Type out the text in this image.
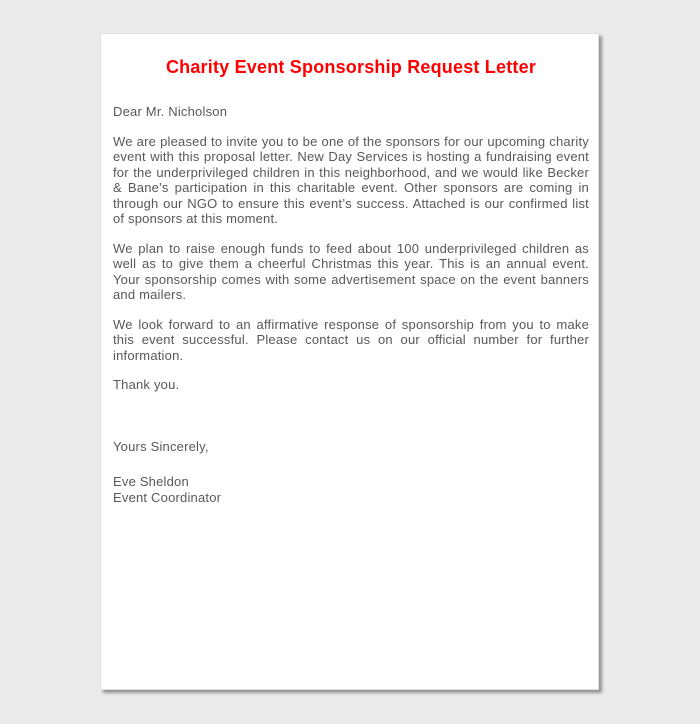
Charity Event Sponsorship Request Letter

Dear Mr. Nicholson

We are pleased to invite you to be one of the sponsors for our upcoming charity event with this proposal letter. New Day Services is hosting a fundraising event for the underprivileged children in this neighborhood, and we would like Becker & Bane’s participation in this charitable event. Other sponsors are coming in through our NGO to ensure this event’s success. Attached is our confirmed list of sponsors at this moment.

We plan to raise enough funds to feed about 100 underprivileged children as well as to give them a cheerful Christmas this year. This is an annual event. Your sponsorship comes with some advertisement space on the event banners and mailers.

We look forward to an affirmative response of sponsorship from you to make this event successful. Please contact us on our official number for further information.

Thank you.

Yours Sincerely,

Eve Sheldon

Event Coordinator
